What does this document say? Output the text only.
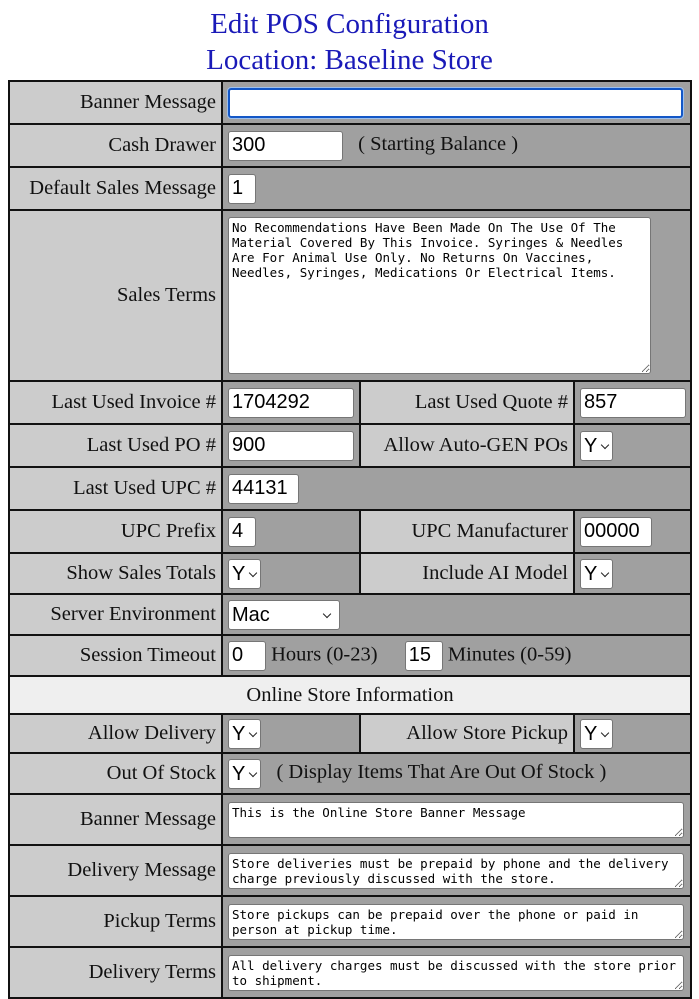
Edit POS Configuration
Location: Baseline Store
Banner Message	
Cash Drawer	300( Starting Balance )
Default Sales Message	1
Sales Terms	No Recommendations Have Been Made On The Use Of The Material Covered By This Invoice. Syringes & Needles Are For Animal Use Only. No Returns On Vaccines, Needles, Syringes, Medications Or Electrical Items.
Last Used Invoice #	1704292	Last Used Quote #	857
Last Used PO #	900	Allow Auto-GEN POs	Y
Last Used UPC #	44131
UPC Prefix	4	UPC Manufacturer	00000
Show Sales Totals	Y	Include AI Model	Y
Server Environment	Mac		

Session Timeout	0Hours (0-23) 15 Minutes (0-59)
Online Store Information			
Allow Delivery	Y	Allow Store Pickup	Y
Out Of Stock	Y ( Display Items That Are Out Of Stock )		
Banner Message	This is the Online Store Banner Message
Delivery Message	Store deliveries must be prepaid by phone and the delivery charge previously discussed with the store.
Pickup Terms	Store pickups can be prepaid over the phone or paid in person at pickup time.
Delivery Terms	All delivery charges must be discussed with the store prior to shipment.
